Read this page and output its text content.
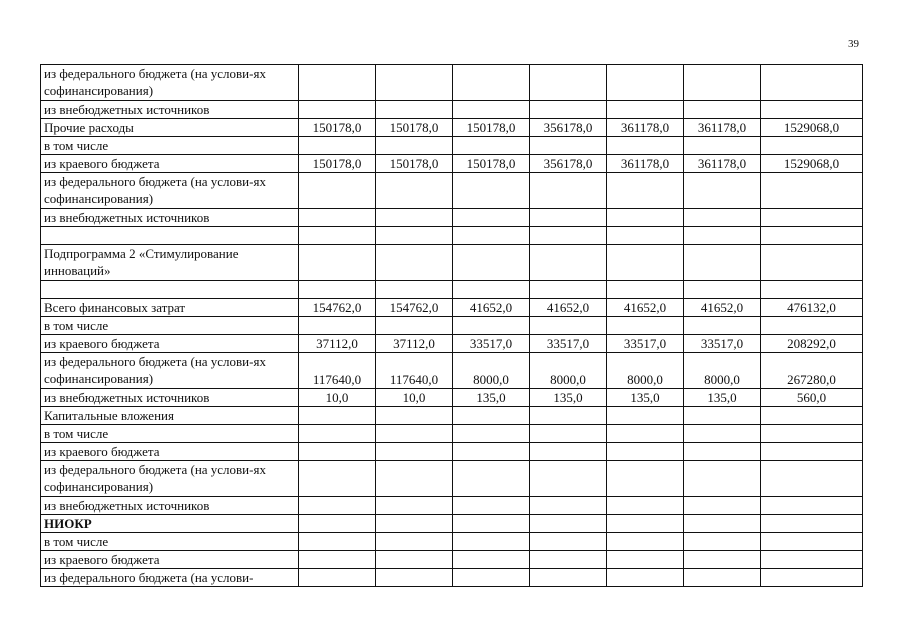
39
из федерального бюджета (на услови-ях софинансирования)							
из внебюджетных источников							
Прочие расходы	150178,0	150178,0	150178,0	356178,0	361178,0	361178,0	1529068,0
в том числе							
из краевого бюджета	150178,0	150178,0	150178,0	356178,0	361178,0	361178,0	1529068,0
из федерального бюджета (на услови-ях софинансирования)							
из внебюджетных источников							

Подпрограмма 2 «Стимулирование инноваций»							

Всего финансовых затрат	154762,0	154762,0	41652,0	41652,0	41652,0	41652,0	476132,0
в том числе							
из краевого бюджета	37112,0	37112,0	33517,0	33517,0	33517,0	33517,0	208292,0
из федерального бюджета (на услови-ях софинансирования)	117640,0	117640,0	8000,0	8000,0	8000,0	8000,0	267280,0
из внебюджетных источников	10,0	10,0	135,0	135,0	135,0	135,0	560,0
Капитальные вложения							
в том числе							
из краевого бюджета							
из федерального бюджета (на услови-ях софинансирования)							
из внебюджетных источников							
НИОКР							
в том числе							
из краевого бюджета							
из федерального бюджета (на услови-							
